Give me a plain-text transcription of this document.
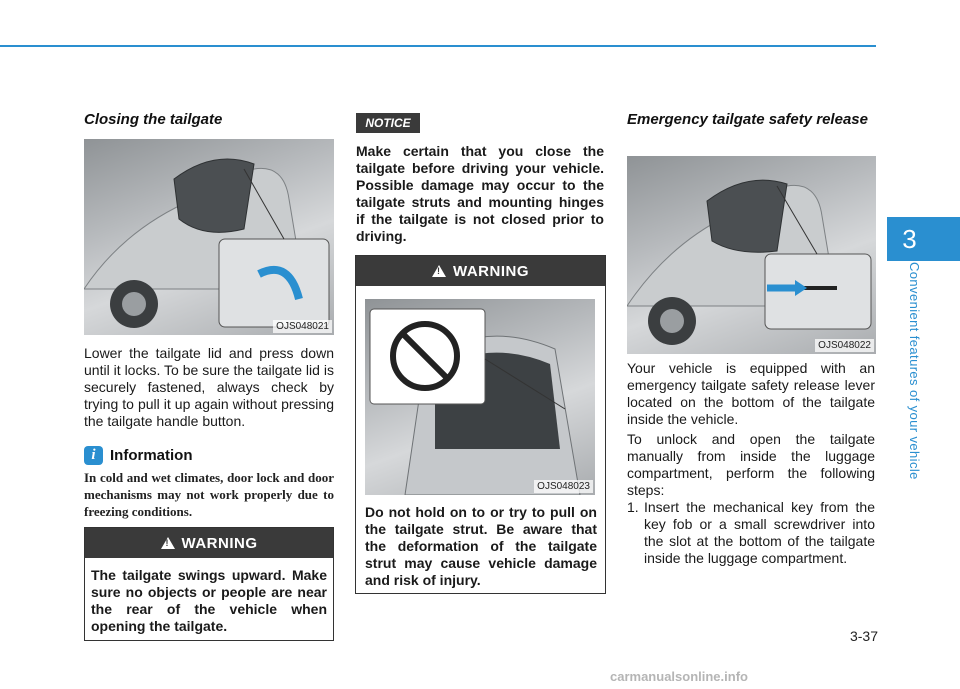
3
Convenient features of your vehicle
Closing the tailgate
OJS048021
Lower the tailgate lid and press down until it locks. To be sure the tailgate lid is securely fastened, always check by trying to pull it up again without pressing the tailgate handle button.
i Information
In cold and wet climates, door lock and door mechanisms may not work properly due to freezing conditions.
!
WARNING
The tailgate swings upward. Make sure no objects or people are near the rear of the vehicle when opening the tailgate.
NOTICE
Make certain that you close the tailgate before driving your vehicle. Possible damage may occur to the tailgate struts and mounting hinges if the tailgate is not closed prior to driving.
!
WARNING
OJS048023
Do not hold on to or try to pull on the tailgate strut. Be aware that the deformation of the tailgate strut may cause vehicle damage and risk of injury.
Emergency tailgate safety release
OJS048022
Your vehicle is equipped with an emergency tailgate safety release lever located on the bottom of the tailgate inside the vehicle.
To unlock and open the tailgate manually from inside the luggage compartment, perform the following steps:
1. Insert the mechanical key from the key fob or a small screwdriver into the slot at the bottom of the tailgate inside the luggage compartment.
3-37
carmanualsonline.info
